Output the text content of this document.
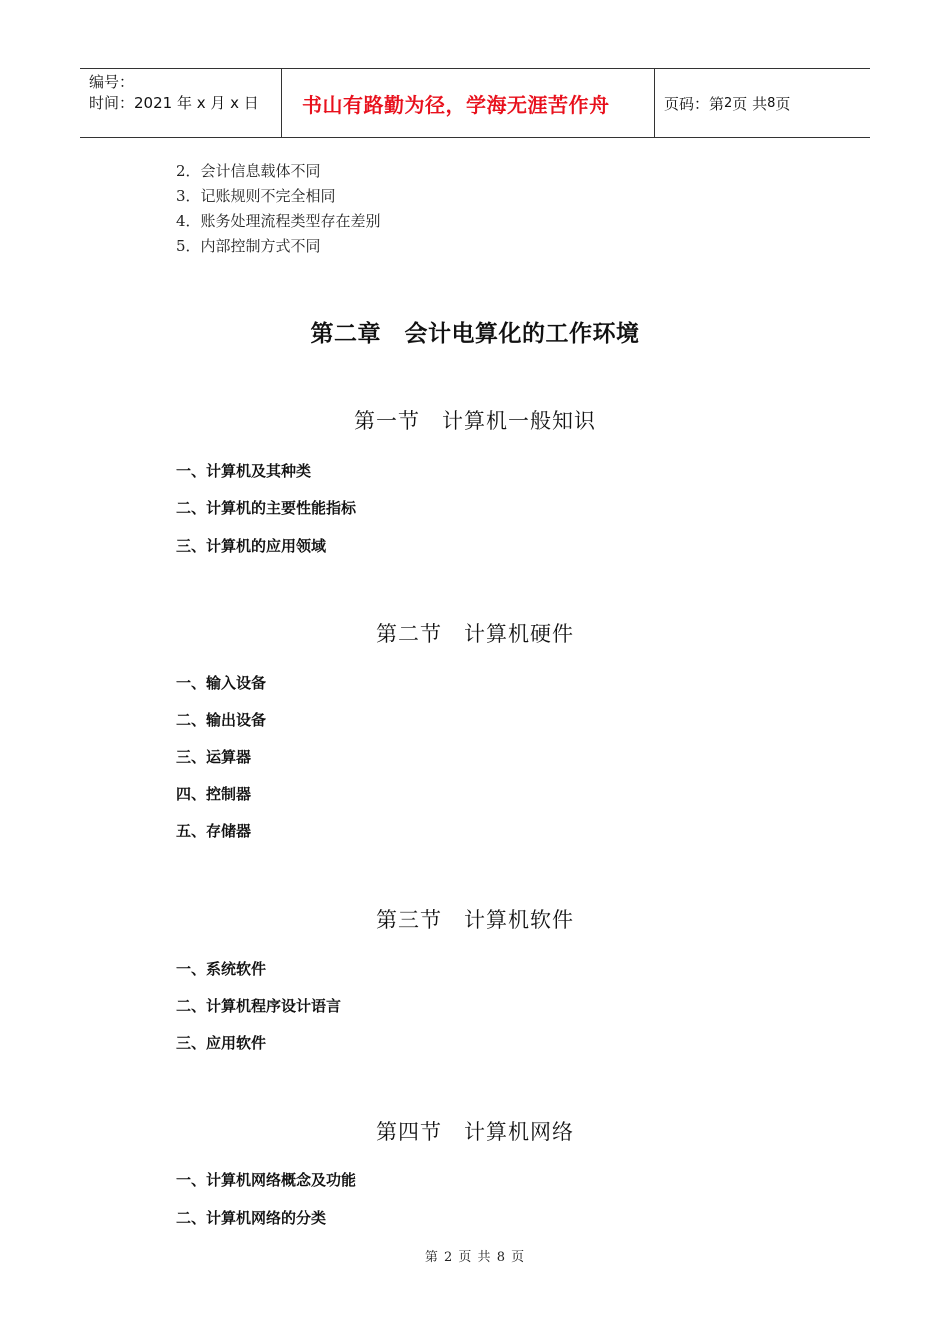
编号：
时间：2021 年 x 月 x 日	书山有路勤为径，学海无涯苦作舟	页码：第 2 页 共 8 页
2．会计信息载体不同
3．记账规则不完全相同
4．账务处理流程类型存在差别
5．内部控制方式不同
第二章　会计电算化的工作环境
第一节　计算机一般知识
一、计算机及其种类
二、计算机的主要性能指标
三、计算机的应用领域
第二节　计算机硬件
一、输入设备
二、输出设备
三、运算器
四、控制器
五、存储器
第三节　计算机软件
一、系统软件
二、计算机程序设计语言
三、应用软件
第四节　计算机网络
一、计算机网络概念及功能
二、计算机网络的分类
第 2 页 共 8 页
